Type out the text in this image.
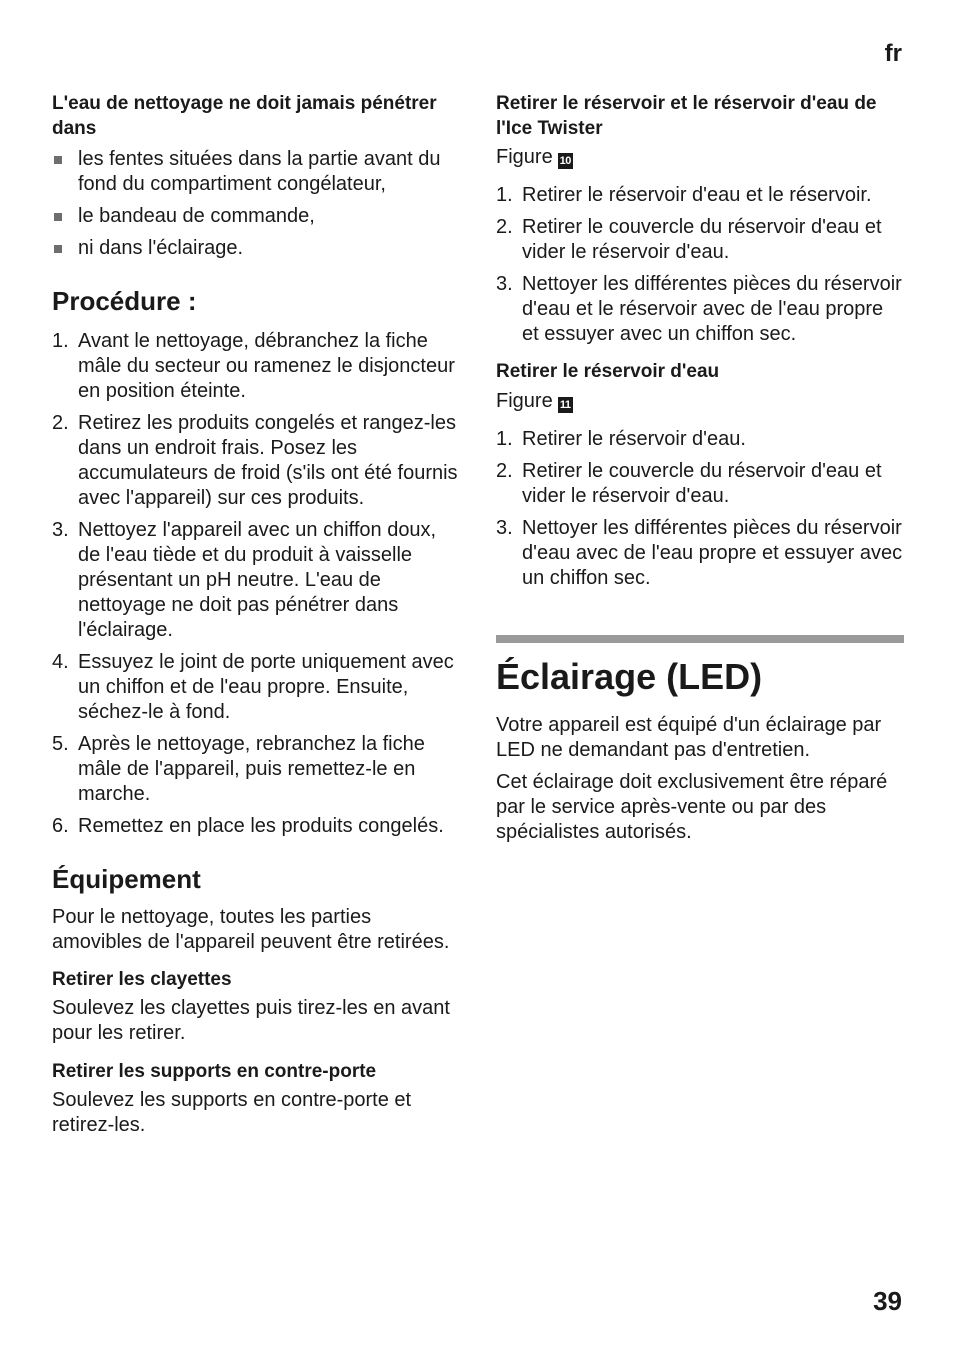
fr

L'eau de nettoyage ne doit jamais pénétrer dans

les fentes situées dans la partie avant du fond du compartiment congélateur,
le bandeau de commande,
ni dans l'éclairage.
Procédure :
1. Avant le nettoyage, débranchez la fiche mâle du secteur ou ramenez le disjoncteur en position éteinte.
2. Retirez les produits congelés et rangez-les dans un endroit frais. Posez les accumulateurs de froid (s'ils ont été fournis avec l'appareil) sur ces produits.
3. Nettoyez l'appareil avec un chiffon doux, de l'eau tiède et du produit à vaisselle présentant un pH neutre. L'eau de nettoyage ne doit pas pénétrer dans l'éclairage.
4. Essuyez le joint de porte uniquement avec un chiffon et de l'eau propre. Ensuite, séchez-le à fond.
5. Après le nettoyage, rebranchez la fiche mâle de l'appareil, puis remettez-le en marche.
6. Remettez en place les produits congelés.
Équipement

Pour le nettoyage, toutes les parties amovibles de l'appareil peuvent être retirées.

Retirer les clayettes

Soulevez les clayettes puis tirez-les en avant pour les retirer.

Retirer les supports en contre-porte

Soulevez les supports en contre-porte et retirez-les.

Retirer le réservoir et le réservoir d'eau de l'Ice Twister

Figure 10

1. Retirer le réservoir d'eau et le réservoir.
2. Retirer le couvercle du réservoir d'eau et vider le réservoir d'eau.
3. Nettoyer les différentes pièces du réservoir d'eau et le réservoir avec de l'eau propre et essuyer avec un chiffon sec.

Retirer le réservoir d'eau

Figure 11

1. Retirer le réservoir d'eau.
2. Retirer le couvercle du réservoir d'eau et vider le réservoir d'eau.
3. Nettoyer les différentes pièces du réservoir d'eau avec de l'eau propre et essuyer avec un chiffon sec.
Éclairage (LED)

Votre appareil est équipé d'un éclairage par LED ne demandant pas d'entretien.

Cet éclairage doit exclusivement être réparé par le service après-vente ou par des spécialistes autorisés.

39
